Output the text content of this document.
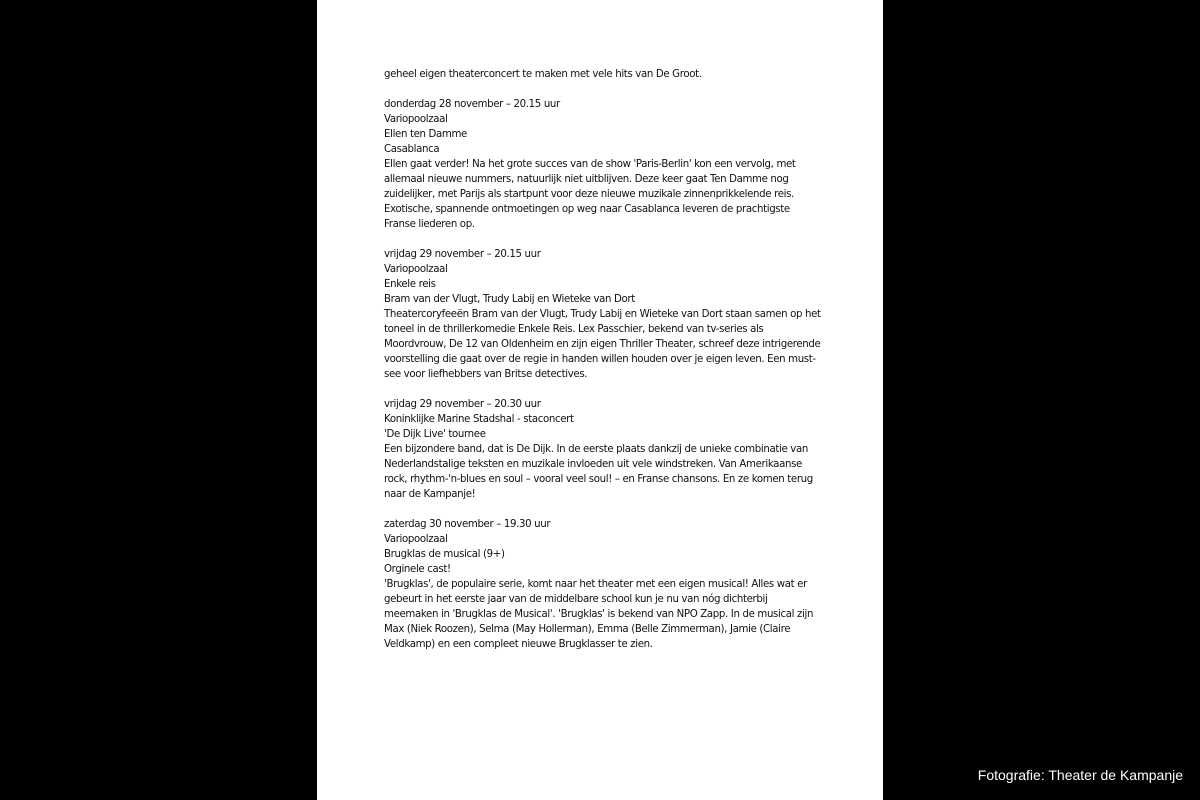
geheel eigen theaterconcert te maken met vele hits van De Groot.
donderdag 28 november – 20.15 uur
Variopoolzaal
Ellen ten Damme
Casablanca
Ellen gaat verder! Na het grote succes van de show 'Paris-Berlin' kon een vervolg, met allemaal nieuwe nummers, natuurlijk niet uitblijven. Deze keer gaat Ten Damme nog zuidelijker, met Parijs als startpunt voor deze nieuwe muzikale zinnenprikkelende reis. Exotische, spannende ontmoetingen op weg naar Casablanca leveren de prachtigste Franse liederen op.
vrijdag 29 november – 20.15 uur
Variopoolzaal
Enkele reis
Bram van der Vlugt, Trudy Labij en Wieteke van Dort
Theatercoryfeeën Bram van der Vlugt, Trudy Labij en Wieteke van Dort staan samen op het toneel in de thrillerkomedie Enkele Reis. Lex Passchier, bekend van tv-series als Moordvrouw, De 12 van Oldenheim en zijn eigen Thriller Theater, schreef deze intrigerende voorstelling die gaat over de regie in handen willen houden over je eigen leven. Een must-see voor liefhebbers van Britse detectives.
vrijdag 29 november – 20.30 uur
Koninklijke Marine Stadshal - staconcert
'De Dijk Live' tournee
Een bijzondere band, dat is De Dijk. In de eerste plaats dankzij de unieke combinatie van Nederlandstalige teksten en muzikale invloeden uit vele windstreken. Van Amerikaanse rock, rhythm-'n-blues en soul – vooral veel soul! – en Franse chansons. En ze komen terug naar de Kampanje!
zaterdag 30 november – 19.30 uur
Variopoolzaal
Brugklas de musical (9+)
Orginele cast!
'Brugklas', de populaire serie, komt naar het theater met een eigen musical! Alles wat er gebeurt in het eerste jaar van de middelbare school kun je nu van nóg dichterbij meemaken in 'Brugklas de Musical'. 'Brugklas' is bekend van NPO Zapp. In de musical zijn Max (Niek Roozen), Selma (May Hollerman), Emma (Belle Zimmerman), Jamie (Claire Veldkamp) en een compleet nieuwe Brugklasser te zien.
Fotografie: Theater de Kampanje
